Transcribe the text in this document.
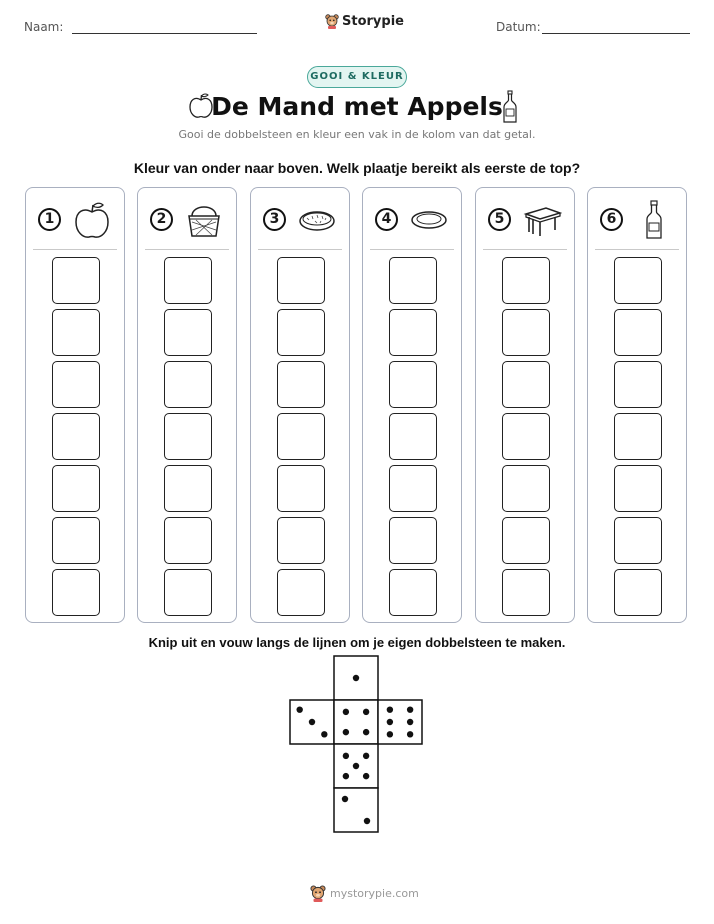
Naam:	Storypie	Datum:
GOOI & KLEUR
De Mand met Appels
Gooi de dobbelsteen en kleur een vak in de kolom van dat getal.
Kleur van onder naar boven. Welk plaatje bereikt als eerste de top?
1	2	3	4	5	6
Knip uit en vouw langs de lijnen om je eigen dobbelsteen te maken.
mystorypie.com
